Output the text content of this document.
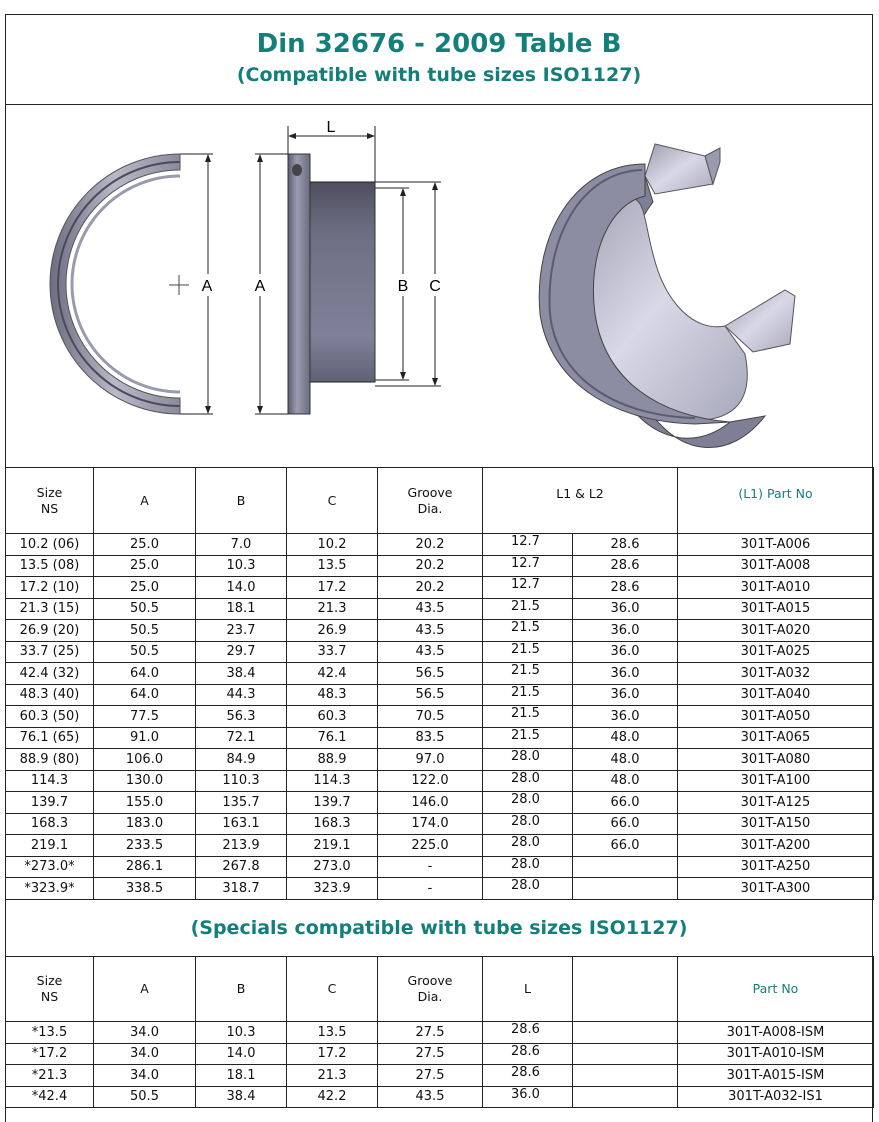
Din 32676 - 2009 Table B
(Compatible with tube sizes ISO1127)
A
L
A	B C
Size
NS	A	B	C	Groove
Dia.	L1 & L2		(L1) Part No
10.2 (06)	25.0	7.0	10.2	20.2	12.7	28.6	301T-A006
13.5 (08)	25.0	10.3	13.5	20.2	12.7	28.6	301T-A008
17.2 (10)	25.0	14.0	17.2	20.2	12.7	28.6	301T-A010
21.3 (15)	50.5	18.1	21.3	43.5	21.5	36.0	301T-A015
26.9 (20)	50.5	23.7	26.9	43.5	21.5	36.0	301T-A020
33.7 (25)	50.5	29.7	33.7	43.5	21.5	36.0	301T-A025
42.4 (32)	64.0	38.4	42.4	56.5	21.5	36.0	301T-A032
48.3 (40)	64.0	44.3	48.3	56.5	21.5	36.0	301T-A040
60.3 (50)	77.5	56.3	60.3	70.5	21.5	36.0	301T-A050
76.1 (65)	91.0	72.1	76.1	83.5	21.5	48.0	301T-A065
88.9 (80)	106.0	84.9	88.9	97.0	28.0	48.0	301T-A080
114.3	130.0	110.3	114.3	122.0	28.0	48.0	301T-A100
139.7	155.0	135.7	139.7	146.0	28.0	66.0	301T-A125
168.3	183.0	163.1	168.3	174.0	28.0	66.0	301T-A150
219.1	233.5	213.9	219.1	225.0	28.0	66.0	301T-A200
*273.0*	286.1	267.8	273.0	-	28.0		301T-A250
*323.9*	338.5	318.7	323.9	-	28.0		301T-A300
(Specials compatible with tube sizes ISO1127)
Size
NS	A	B	C	Groove
Dia.	L		Part No
*13.5	34.0	10.3	13.5	27.5	28.6		301T-A008-ISM
*17.2	34.0	14.0	17.2	27.5	28.6		301T-A010-ISM
*21.3	34.0	18.1	21.3	27.5	28.6		301T-A015-ISM
*42.4	50.5	38.4	42.2	43.5	36.0		301T-A032-IS1
